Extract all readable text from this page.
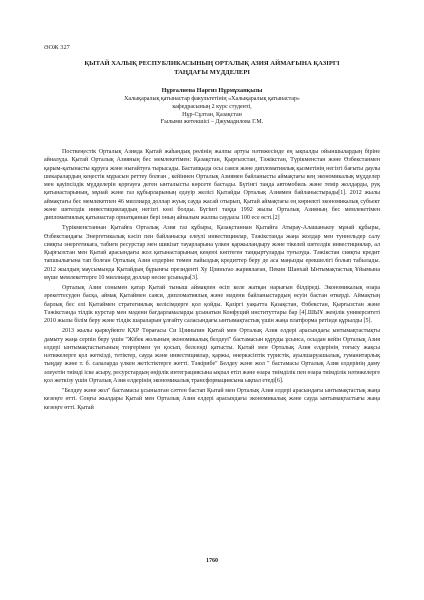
ӘОЖ 327
ҚЫТАЙ ХАЛЫҚ РЕСПУБЛИКАСЫНЫҢ ОРТАЛЫҚ АЗИЯ АЙМАҒЫНА ҚАЗІРГІ
ТАҢДАҒЫ МҮДДЕЛЕРІ
Нұрғалиева Наргиз Нұрмұханқызы
Халықаралық қатынастар факультетінің «Халықаралық қатынастар»
кафедрасының 2 курс студенті,
Нұр-Сұлтан, Қазақстан
Ғылыми жетекшісі – Джумадилова Г.М.

Посткеңестік Орталық Азияда Қытай жаһандық рөлінің жалпы артуы нәтижесінде ең ықпалды ойыншылардың біріне айналуда. Қытай Орталық Азияның бес мемлекетімен: Қазақстан, Қырғызстан, Тәжікстан, Түрікменстан және Өзбекстанмен қарым-қатынасты құруға және нығайтуға тырысады. Бастапқыда осы саяси және дипломатиялық қызметінің негізгі бағыты даулы шекаралардың кеңестік мұрасын реттеу болған , кейіннен Орталық Азиямен байланысты аймақтағы кең экономикалық мүдделер мен қауіпсіздік мүдделерін қорғауға деген ынталысты көрсете бастады. Бүгінгі таңда автомобиль және темір жолдарды, руқ қатынастарының, мұнай және газ құбырларының едәуір желісі Қытайды Орталық Азиямен байланыстырады[1]. 2012 жылы аймақтағы бес мемлекетпен 46 миллиард доллар жуық сауда жасай отырып, Қытай аймақтағы ең көрнекті экономикалық субъект және шетелдік инвестициялардың негізгі көзі болды. Бүгінгі таңда 1992 жылы Орталық Азияның бес мемлекетімен дипломатиялық қатынастар орнатқаннан бері оның айналым жалпы саудасы 100 есе өсті.[2]

Түрікменстаннан Қытайға Орталық Азия газ құбыры, Қазақстаннан Қытайға Атырау-Алашанькоу мұнай құбыры, Өзбекстандағы Энергетикалық кәсіп пен байланысқа елеулі инвестициялар, Тәжікстанда жаңа жолдар мен туннельдер салу сияқты энергетикаға, табиғи ресурстар мен шикізат тауарларына үлкен қаржыландыру және тікелей шетелдік инвестициялар, ал Қырғызстан мен Қытай арасындағы жол қатынастарының кеңеюі көптеген таңқыртуларды туғызуда. Тәжікстан сияқты кредит тапшылығына тап болған Орталық Азия елдеріне төмен пайыздық кредиттер беру де аса маңызды ерекшелігі болып табылады. 2012 жылдың маусымында Қытайдың бұрынғы президенті Ху Цзиньтао жариялаған, Пекин Шанхай Ынтымақтастық Ұйымына мүше мемлекеттерге 10 миллиард доллар несие ұсынады[3].

Орталық Азия сонымен қатар Қытай тыныш аймақпен өсіп келе жатқан нарығын білдіреді. Экономикалық өзара әрекеттесуден басқа, аймақ Қытаймен саяси, дипломатиялық және мәдени байланыстардың өсуін бастан өткерді. Аймақтың барлық бес елі Қытаймен стратегиялық келісімдерге қол қойды. Қазіргі уақытта Қазақстан, Өзбекстан, Қырғызстан және Тәжікстанда тілдік курстар мен мәдени бағдарламаларды ұсынатын Конфуций институттары бар [4].ШЫҰ жеңілік университеті 2010 жылы білім беру және тілдік шараларын ұлғайту саласындағы ынтымақтастық үшін жаңа платформа ретінде құрылды [5].

2013 жылы қыркүйекте ҚХР Төрағасы Си Цзиньпин Қытай мен Орталық Азия елдері арасындағы ынтымақтастықты дамыту жаңа серпін беру үшін "Жібек жолының экономикалық белдеуі" бастамасын құруды ұсынса, осыдан кейін Орталық Азия елдері ынтымақтастығының теңгерімен үн қосып, белсенді қатысты. Қытай мен Орталық Азия елдерінің тоғысу жақсы нәтижелерге қол жеткізді, тетіктер, сауда және инвестициялар, қаржы, өнеркәсіптік туристік, ауылшаруашылық, гуманитарлық тыңдау және т. б. салаларда үлкен жетістіктерге жетті. Тәжірибе" Белдеу және жол " бастамасы Орталық Азия елдерінің даму әлеуетін тиімді іске асыру, ресурстардың өңірлік интеграциясына ықпал етіп және өзара тиімділік пен өзара тиімділік нәтижелерге қол жеткізу үшін Орталық Азия елдерінің экономикалық трансформациясына ықпал етеді[6].

"Белдеу және жол" бастамасы ұсынылған сәттен бастап Қытай мен Орталық Азия елдері арасындағы ынтымақтастық жаңа кезеңге өтті. Соңғы жылдары Қытай мен Орталық Азия елдері арасындағы экономикалық және сауда ынтымақтастығы жаңа кезеңге өтті. Қытай

1760
